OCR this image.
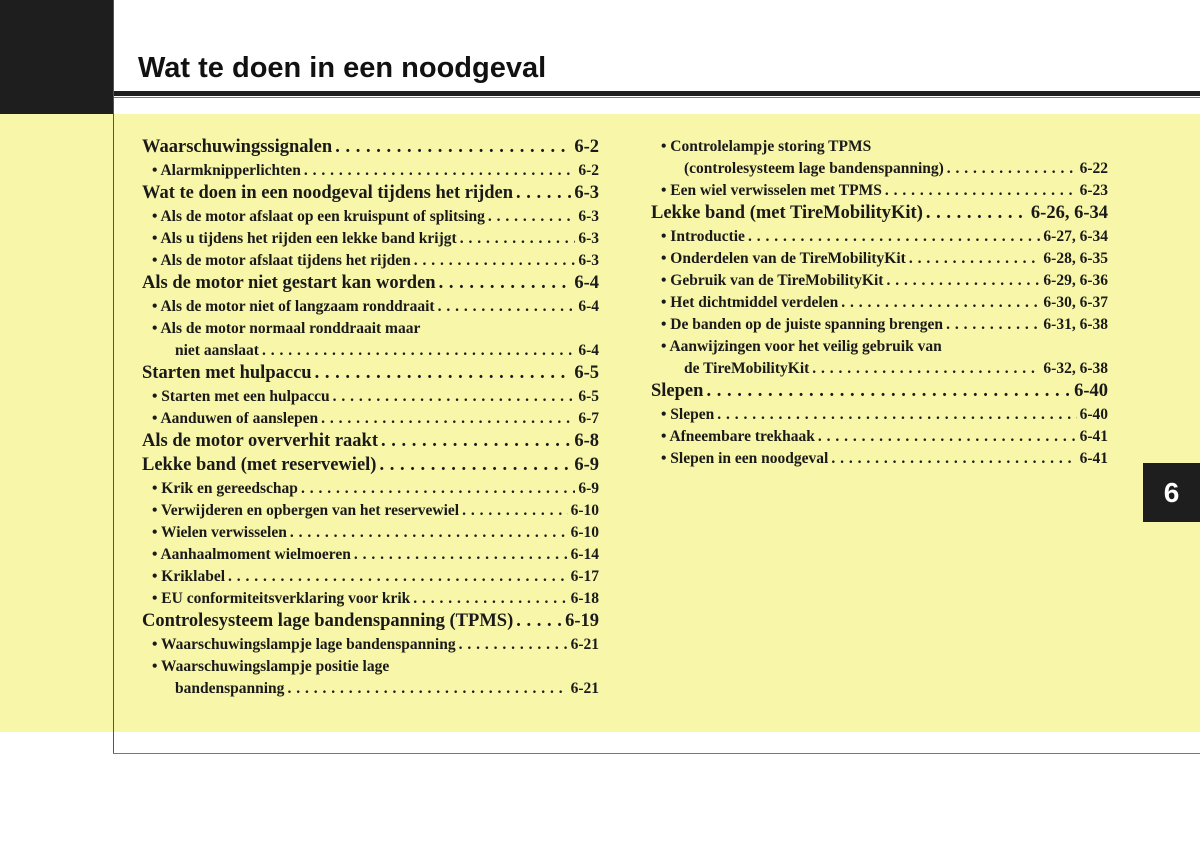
Wat te doen in een noodgeval
6
Waarschuwingssignalen . . .	6-2
• Alarmknipperlichten . . .	6-2
Wat te doen in een noodgeval tijdens het rijden . . .	6-3
• Als de motor afslaat op een kruispunt of splitsing . . .	6-3
• Als u tijdens het rijden een lekke band krijgt . . .	6-3
• Als de motor afslaat tijdens het rijden . . .	6-3
Als de motor niet gestart kan worden . . .	6-4
• Als de motor niet of langzaam ronddraait . . .	6-4
• Als de motor normaal ronddraait maar
niet aanslaat . . .	6-4
Starten met hulpaccu . . .	6-5
• Starten met een hulpaccu . . .	6-5
• Aanduwen of aanslepen . . .	6-7
Als de motor oververhit raakt . . .	6-8
Lekke band (met reservewiel) . . .	6-9
• Krik en gereedschap . . .	6-9
• Verwijderen en opbergen van het reservewiel . . .	6-10
• Wielen verwisselen . . .	6-10
• Aanhaalmoment wielmoeren . . .	6-14
• Kriklabel . . .	6-17
• EU conformiteitsverklaring voor krik . . .	6-18
Controlesysteem lage bandenspanning (TPMS) . . .	6-19
• Waarschuwingslampje lage bandenspanning . . .	6-21
• Waarschuwingslampje positie lage
bandenspanning . . .	6-21
• Controlelampje storing TPMS
(controlesysteem lage bandenspanning) . . .	6-22
• Een wiel verwisselen met TPMS . . .	6-23
Lekke band (met TireMobilityKit) . . .	6-26, 6-34
• Introductie . . .	6-27, 6-34
• Onderdelen van de TireMobilityKit . . .	6-28, 6-35
• Gebruik van de TireMobilityKit . . .	6-29, 6-36
• Het dichtmiddel verdelen . . .	6-30, 6-37
• De banden op de juiste spanning brengen . . .	6-31, 6-38
• Aanwijzingen voor het veilig gebruik van
de TireMobilityKit . . .	6-32, 6-38
Slepen . . .	6-40
• Slepen . . .	6-40
• Afneembare trekhaak . . .	6-41
• Slepen in een noodgeval . . .	6-41
